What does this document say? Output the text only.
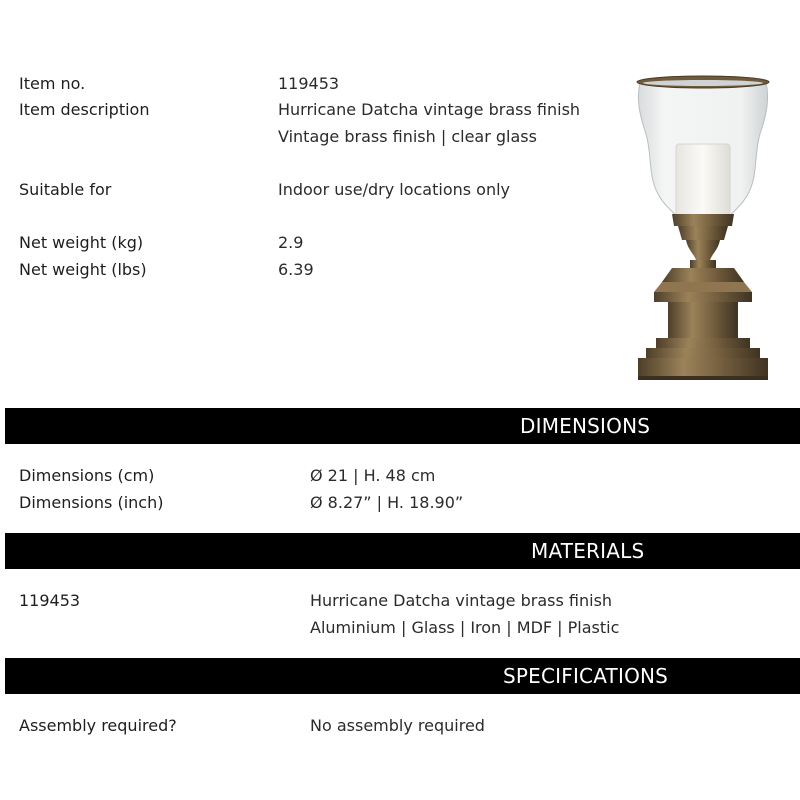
Item no.	119453
Item description	Hurricane Datcha vintage brass finish
Vintage brass finish | clear glass
Suitable for	Indoor use/dry locations only
Net weight (kg)	2.9
Net weight (lbs)	6.39
DIMENSIONS
Dimensions (cm)	Ø 21 | H. 48 cm
Dimensions (inch)	Ø 8.27” | H. 18.90”
MATERIALS
119453	Hurricane Datcha vintage brass finish
Aluminium | Glass | Iron | MDF | Plastic
SPECIFICATIONS
Assembly required?	No assembly required
